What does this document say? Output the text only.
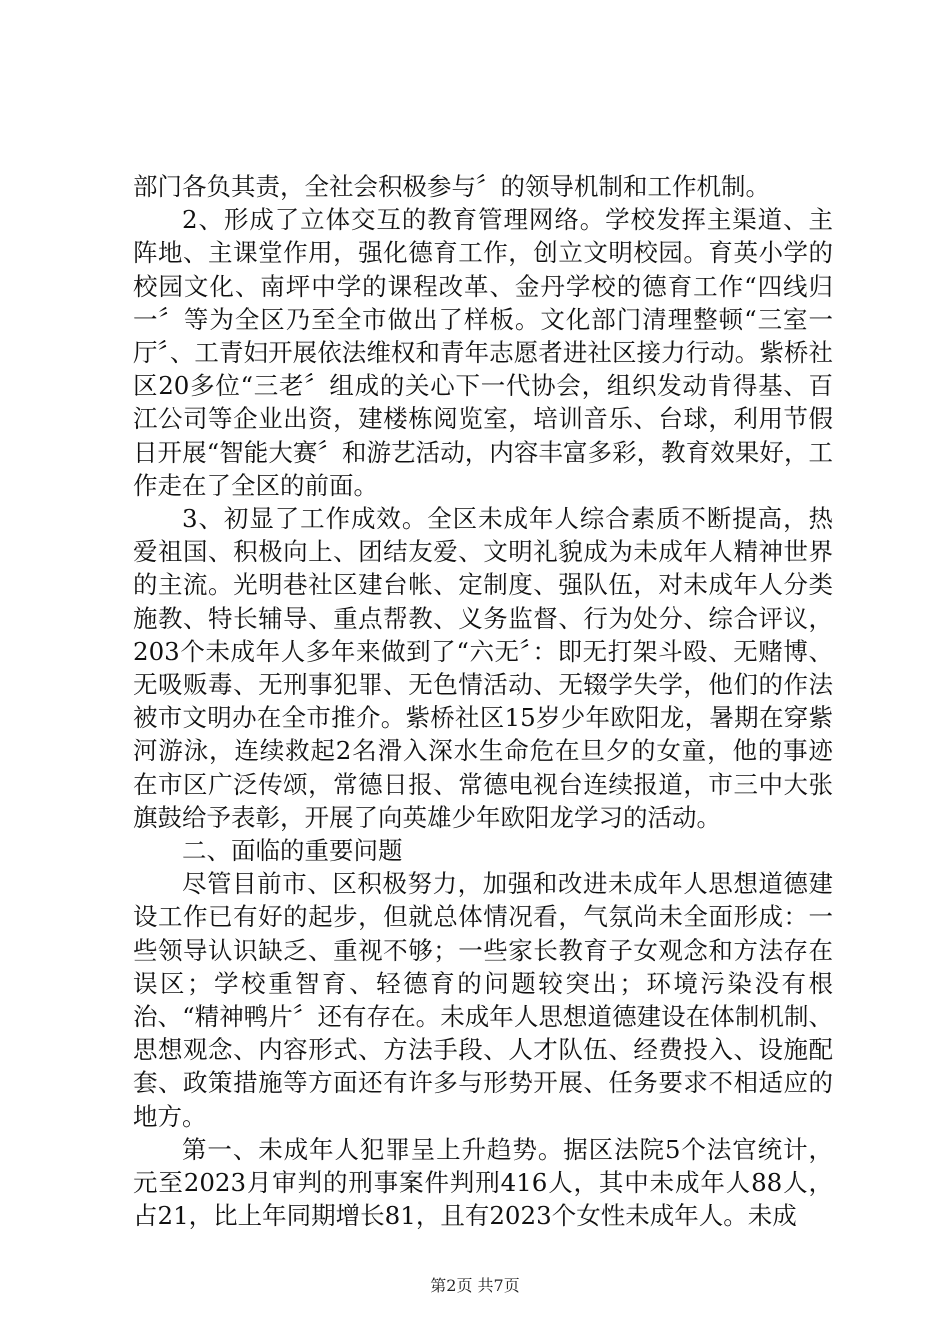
部门各负其责，全社会积极参与〞的领导机制和工作机制。

2、形成了立体交互的教育管理网络。学校发挥主渠道、主阵地、主课堂作用，强化德育工作，创立文明校园。育英小学的校园文化、南坪中学的课程改革、金丹学校的德育工作“四线归一〞等为全区乃至全市做出了样板。文化部门清理整顿“三室一厅〞、工青妇开展依法维权和青年志愿者进社区接力行动。紫桥社区20多位“三老〞组成的关心下一代协会，组织发动肯得基、百江公司等企业出资，建楼栋阅览室，培训音乐、台球，利用节假日开展“智能大赛〞和游艺活动，内容丰富多彩，教育效果好，工作走在了全区的前面。

3、初显了工作成效。全区未成年人综合素质不断提高，热爱祖国、积极向上、团结友爱、文明礼貌成为未成年人精神世界的主流。光明巷社区建台帐、定制度、强队伍，对未成年人分类施教、特长辅导、重点帮教、义务监督、行为处分、综合评议，203个未成年人多年来做到了“六无〞：即无打架斗殴、无赌博、无吸贩毒、无刑事犯罪、无色情活动、无辍学失学，他们的作法被市文明办在全市推介。紫桥社区15岁少年欧阳龙，暑期在穿紫河游泳，连续救起2名滑入深水生命危在旦夕的女童，他的事迹在市区广泛传颂，常德日报、常德电视台连续报道，市三中大张旗鼓给予表彰，开展了向英雄少年欧阳龙学习的活动。

二、面临的重要问题

尽管目前市、区积极努力，加强和改进未成年人思想道德建设工作已有好的起步，但就总体情况看，气氛尚未全面形成：一些领导认识缺乏、重视不够；一些家长教育子女观念和方法存在误区；学校重智育、轻德育的问题较突出；环境污染没有根治、“精神鸭片〞还有存在。未成年人思想道德建设在体制机制、思想观念、内容形式、方法手段、人才队伍、经费投入、设施配套、政策措施等方面还有许多与形势开展、任务要求不相适应的地方。

第一、未成年人犯罪呈上升趋势。据区法院5个法官统计，元至2023月审判的刑事案件判刑416人，其中未成年人88人，占21，比上年同期增长81，且有2023个女性未成年人。未成

第2页 共7页
